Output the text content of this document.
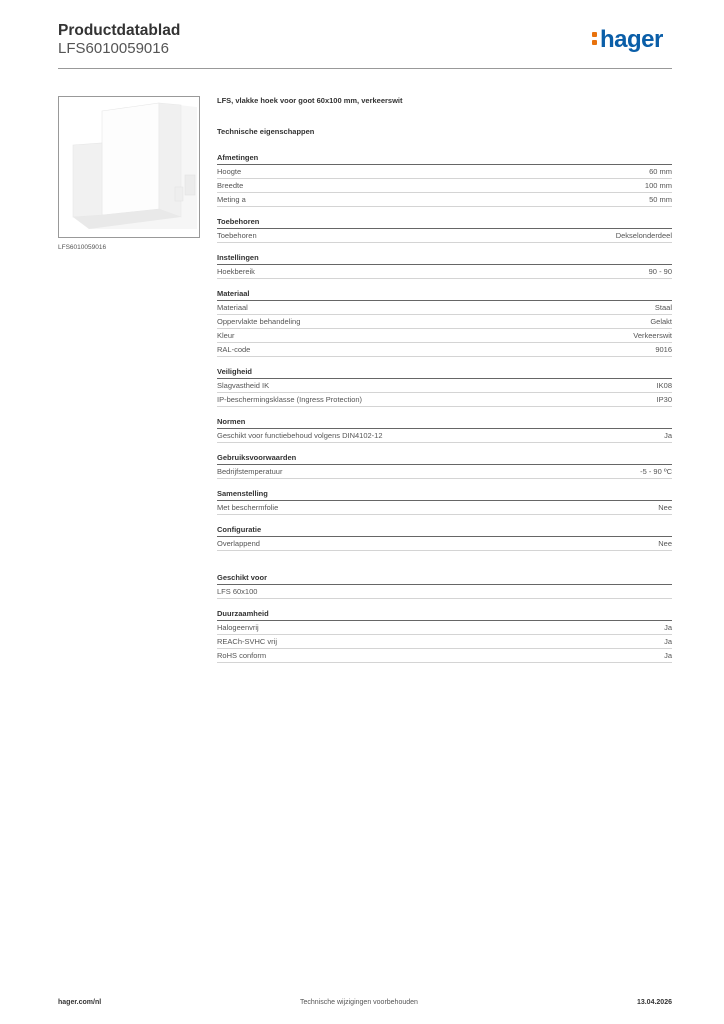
Productdatablad
LFS6010059016	hager
LFS6010059016
LFS, vlakke hoek voor goot 60x100 mm, verkeerswit
Technische eigenschappen
Afmetingen
Hoogte	60 mm
Breedte	100 mm
Meting a	50 mm
Toebehoren
Toebehoren	Dekselonderdeel
Instellingen
Hoekbereik	90 - 90
Materiaal
Materiaal	Staal
Oppervlakte behandeling	Gelakt
Kleur	Verkeerswit
RAL-code	9016
Veiligheid
Slagvastheid IK	IK08
IP-beschermingsklasse (Ingress Protection)	IP30
Normen
Geschikt voor functiebehoud volgens DIN4102-12	Ja
Gebruiksvoorwaarden
Bedrijfstemperatuur	-5 - 90 ºC
Samenstelling
Met beschermfolie	Nee
Configuratie
Overlappend	Nee
Geschikt voor
LFS 60x100
Duurzaamheid
Halogeenvrij	Ja
REACh-SVHC vrij	Ja
RoHS conform	Ja
hager.com/nl	Technische wijzigingen voorbehouden	13.04.2026
